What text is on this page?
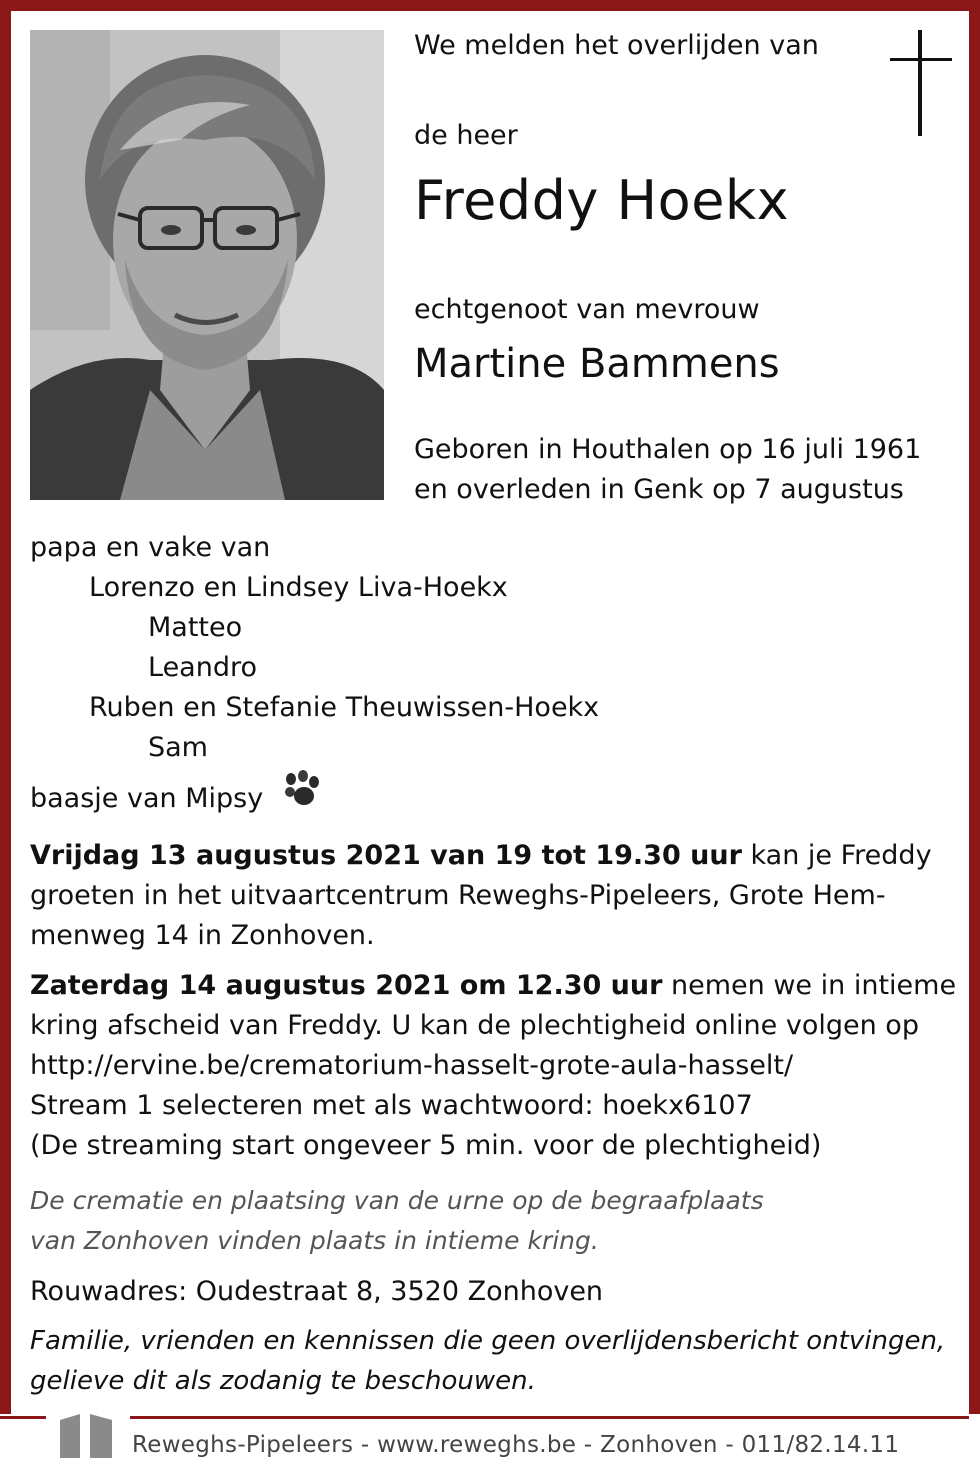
We melden het overlijden van
de heer
Freddy Hoekx
echtgenoot van mevrouw
Martine Bammens
Geboren in Houthalen op 16 juli 1961
en overleden in Genk op 7 augustus
papa en vake van
Lorenzo en Lindsey Liva-Hoekx
Matteo
Leandro
Ruben en Stefanie Theuwissen-Hoekx
Sam
baasje van Mipsy
Vrijdag 13 augustus 2021 van 19 tot 19.30 uur kan je Freddy
groeten in het uitvaartcentrum Reweghs-Pipeleers, Grote Hem-
menweg 14 in Zonhoven.
Zaterdag 14 augustus 2021 om 12.30 uur nemen we in intieme
kring afscheid van Freddy. U kan de plechtigheid online volgen op
http://ervine.be/crematorium-hasselt-grote-aula-hasselt/
Stream 1 selecteren met als wachtwoord: hoekx6107
(De streaming start ongeveer 5 min. voor de plechtigheid)
De crematie en plaatsing van de urne op de begraafplaats
van Zonhoven vinden plaats in intieme kring.
Rouwadres: Oudestraat 8, 3520 Zonhoven
Familie, vrienden en kennissen die geen overlijdensbericht ontvingen,
gelieve dit als zodanig te beschouwen.
Reweghs-Pipeleers - www.reweghs.be - Zonhoven - 011/82.14.11
